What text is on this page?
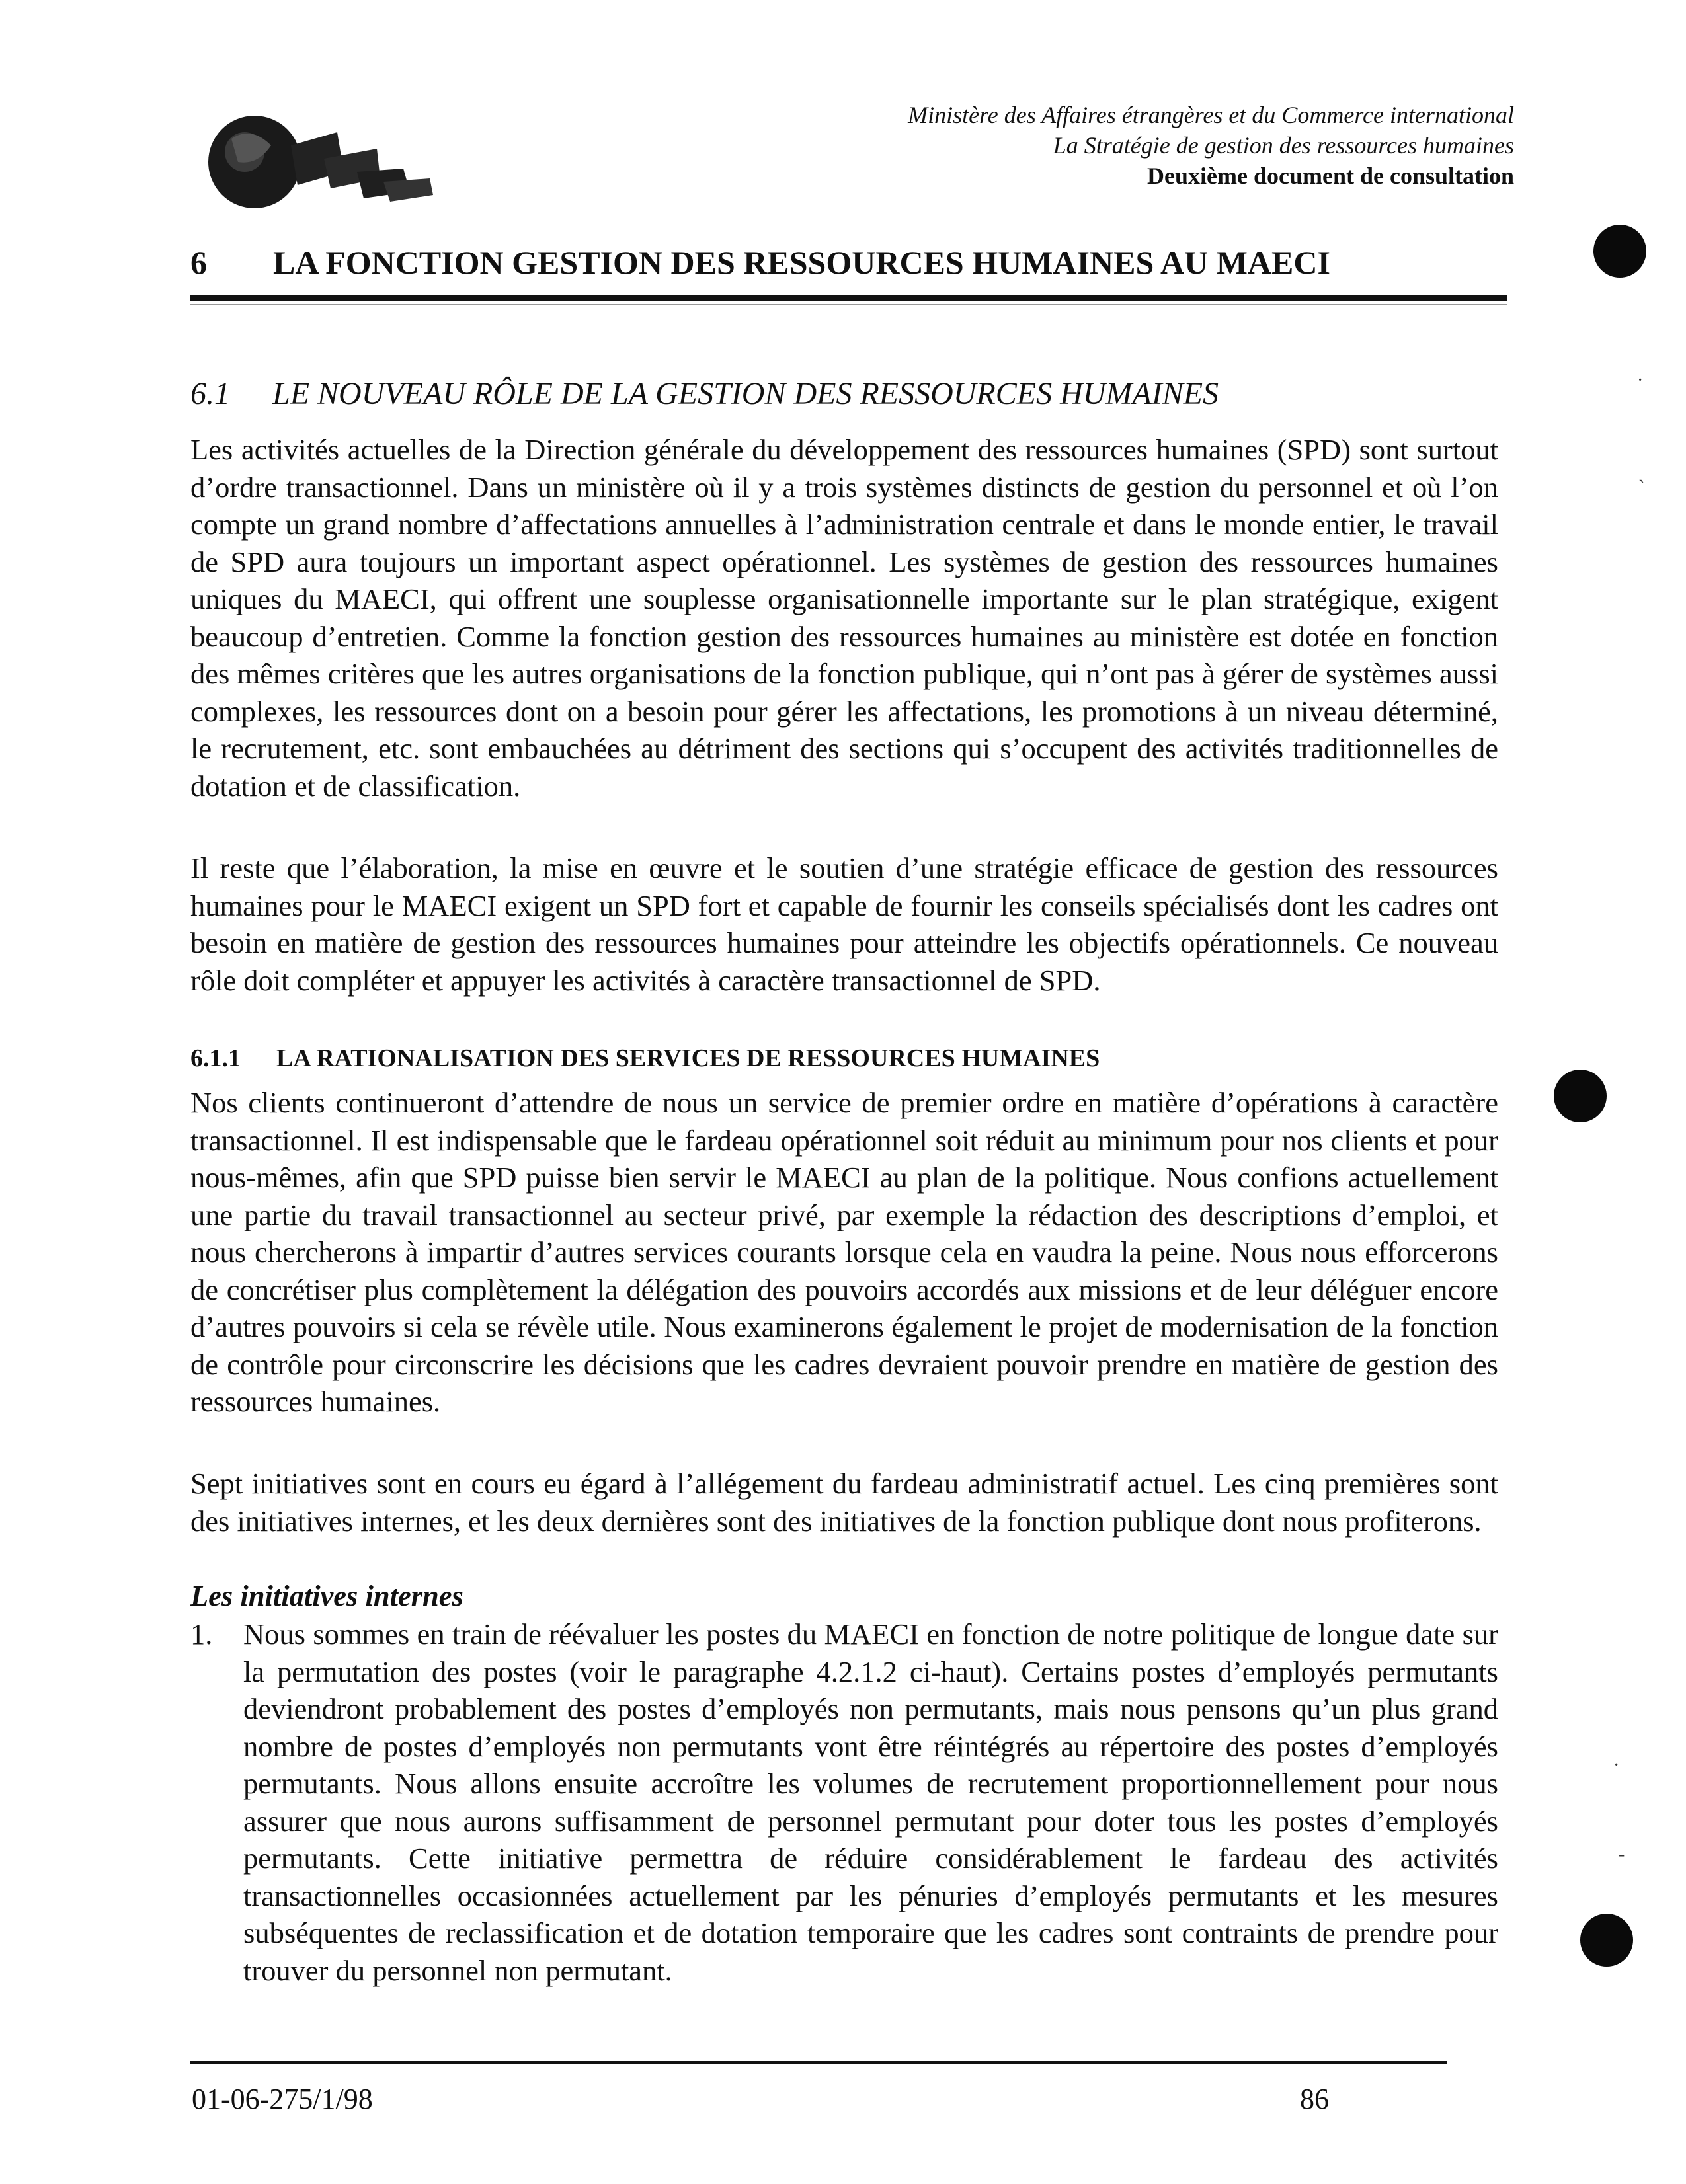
Ministère des Affaires étrangères et du Commerce international
La Stratégie de gestion des ressources humaines
Deuxième document de consultation
6 LA FONCTION GESTION DES RESSOURCES HUMAINES AU MAECI
6.1 LE NOUVEAU RÔLE DE LA GESTION DES RESSOURCES HUMAINES
Les activités actuelles de la Direction générale du développement des ressources humaines (SPD) sont surtout d’ordre transactionnel. Dans un ministère où il y a trois systèmes distincts de gestion du personnel et où l’on compte un grand nombre d’affectations annuelles à l’administration centrale et dans le monde entier, le travail de SPD aura toujours un important aspect opérationnel. Les systèmes de gestion des ressources humaines uniques du MAECI, qui offrent une souplesse organisationnelle importante sur le plan stratégique, exigent beaucoup d’entretien. Comme la fonction gestion des ressources humaines au ministère est dotée en fonction des mêmes critères que les autres organisations de la fonction publique, qui n’ont pas à gérer de systèmes aussi complexes, les ressources dont on a besoin pour gérer les affectations, les promotions à un niveau déterminé, le recrutement, etc. sont embauchées au détriment des sections qui s’occupent des activités traditionnelles de dotation et de classification.
Il reste que l’élaboration, la mise en œuvre et le soutien d’une stratégie efficace de gestion des ressources humaines pour le MAECI exigent un SPD fort et capable de fournir les conseils spécialisés dont les cadres ont besoin en matière de gestion des ressources humaines pour atteindre les objectifs opérationnels. Ce nouveau rôle doit compléter et appuyer les activités à caractère transactionnel de SPD.
6.1.1 LA RATIONALISATION DES SERVICES DE RESSOURCES HUMAINES
Nos clients continueront d’attendre de nous un service de premier ordre en matière d’opérations à caractère transactionnel. Il est indispensable que le fardeau opérationnel soit réduit au minimum pour nos clients et pour nous-mêmes, afin que SPD puisse bien servir le MAECI au plan de la politique. Nous confions actuellement une partie du travail transactionnel au secteur privé, par exemple la rédaction des descriptions d’emploi, et nous chercherons à impartir d’autres services courants lorsque cela en vaudra la peine. Nous nous efforcerons de concrétiser plus complètement la délégation des pouvoirs accordés aux missions et de leur déléguer encore d’autres pouvoirs si cela se révèle utile. Nous examinerons également le projet de modernisation de la fonction de contrôle pour circonscrire les décisions que les cadres devraient pouvoir prendre en matière de gestion des ressources humaines.
Sept initiatives sont en cours eu égard à l’allégement du fardeau administratif actuel. Les cinq premières sont des initiatives internes, et les deux dernières sont des initiatives de la fonction publique dont nous profiterons.
Les initiatives internes
1.	Nous sommes en train de réévaluer les postes du MAECI en fonction de notre politique de longue date sur la permutation des postes (voir le paragraphe 4.2.1.2 ci-haut). Certains postes d’employés permutants deviendront probablement des postes d’employés non permutants, mais nous pensons qu’un plus grand nombre de postes d’employés non permutants vont être réintégrés au répertoire des postes d’employés permutants. Nous allons ensuite accroître les volumes de recrutement proportionnellement pour nous assurer que nous aurons suffisamment de personnel permutant pour doter tous les postes d’employés permutants. Cette initiative permettra de réduire considérablement le fardeau des activités transactionnelles occasionnées actuellement par les pénuries d’employés permutants et les mesures subséquentes de reclassification et de dotation temporaire que les cadres sont contraints de prendre pour trouver du personnel non permutant.
01-06-275/1/98	86
·
ˏ
·
-
